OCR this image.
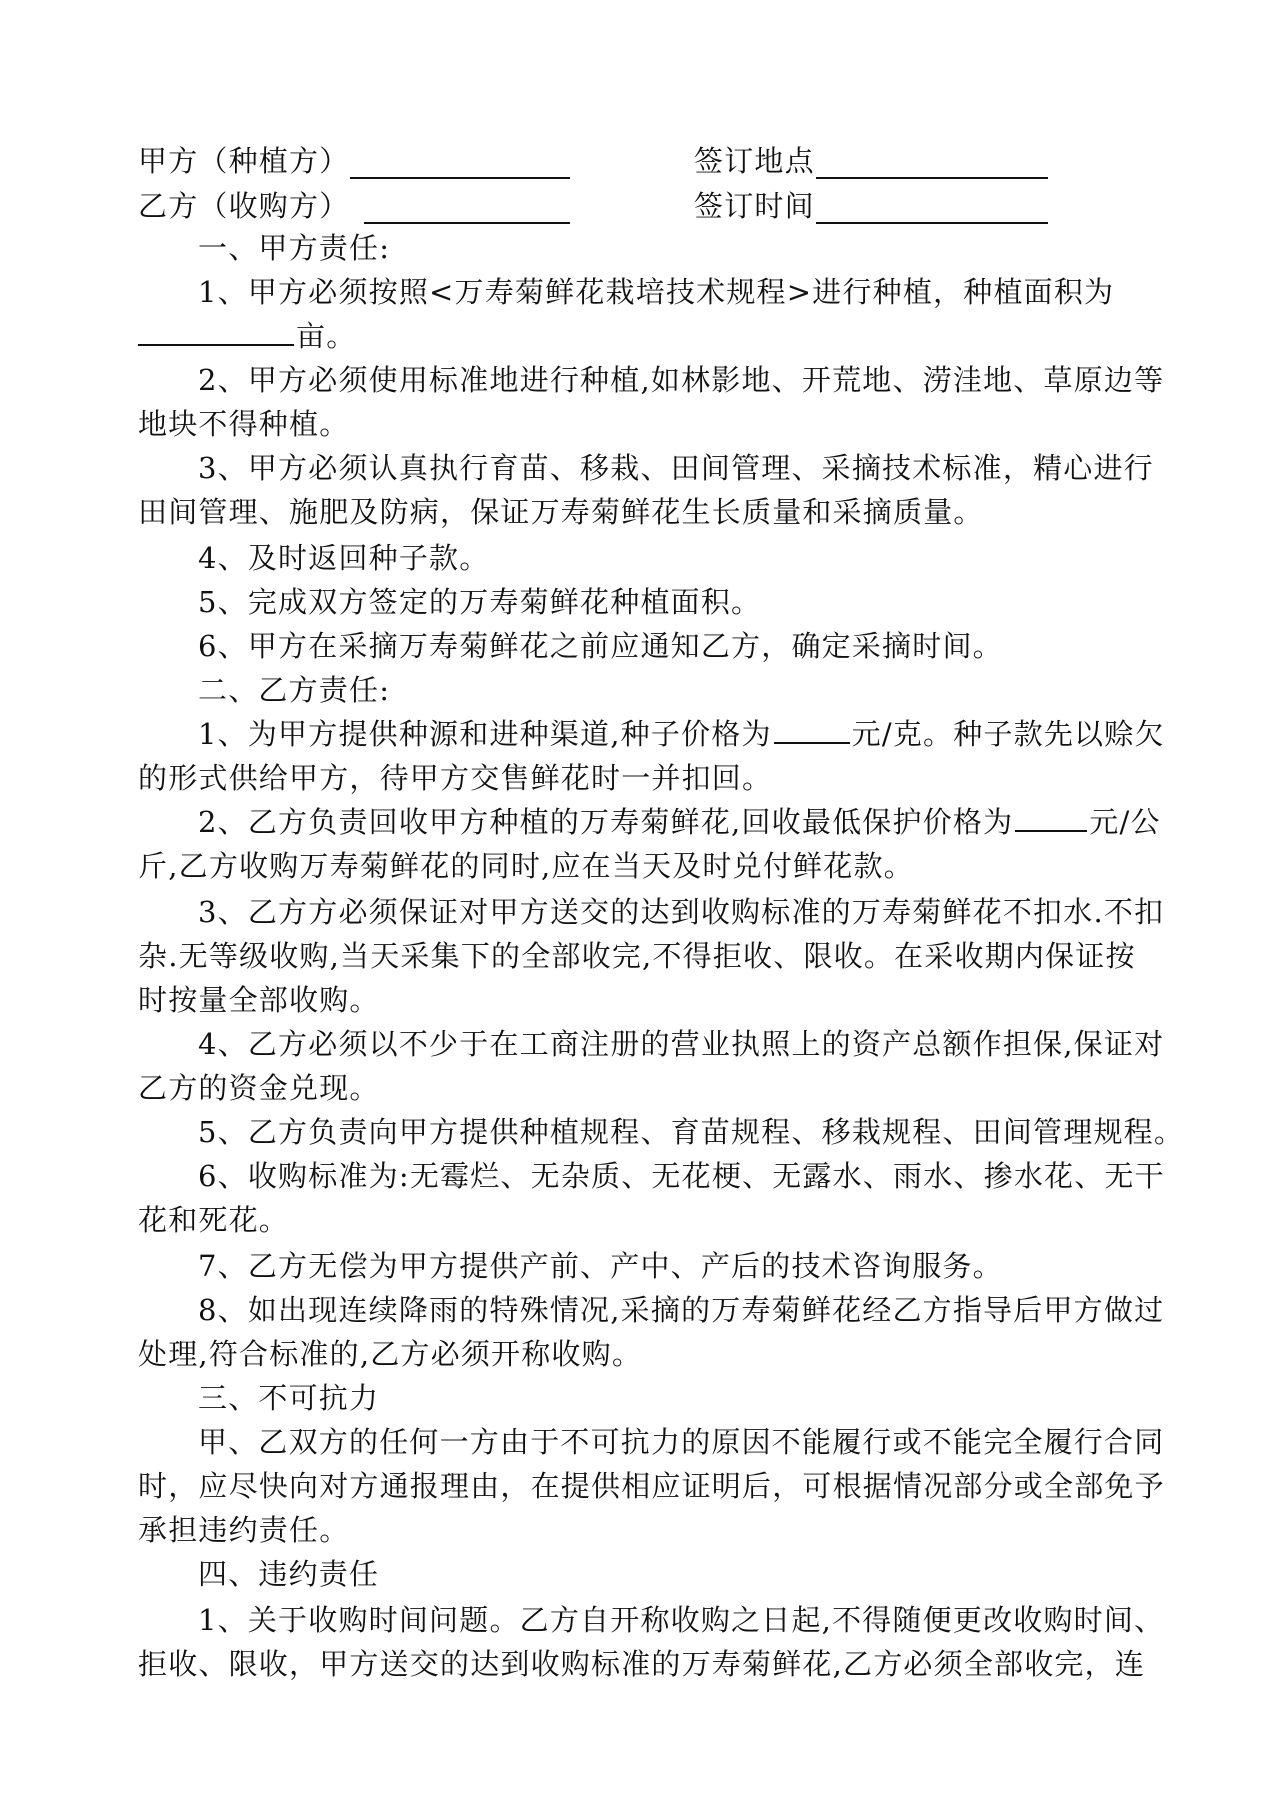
甲方（种植方）	签订地点
乙方（收购方）	签订时间
一、甲方责任:
1、甲方必须按照<万寿菊鲜花栽培技术规程>进行种植，种植面积为
亩。
2、甲方必须使用标准地进行种植,如林影地、开荒地、涝洼地、草原边等
地块不得种植。
3、甲方必须认真执行育苗、移栽、田间管理、采摘技术标准，精心进行
田间管理、施肥及防病，保证万寿菊鲜花生长质量和采摘质量。
4、及时返回种子款。
5、完成双方签定的万寿菊鲜花种植面积。
6、甲方在采摘万寿菊鲜花之前应通知乙方，确定采摘时间。
二、乙方责任:
1、为甲方提供种源和进种渠道,种子价格为	元/克。种子款先以赊欠
的形式供给甲方，待甲方交售鲜花时一并扣回。
2、乙方负责回收甲方种植的万寿菊鲜花,回收最低保护价格为	元/公
斤,乙方收购万寿菊鲜花的同时,应在当天及时兑付鲜花款。
3、乙方方必须保证对甲方送交的达到收购标准的万寿菊鲜花不扣水.不扣
杂.无等级收购,当天采集下的全部收完,不得拒收、限收。在采收期内保证按
时按量全部收购。
4、乙方必须以不少于在工商注册的营业执照上的资产总额作担保,保证对
乙方的资金兑现。
5、乙方负责向甲方提供种植规程、育苗规程、移栽规程、田间管理规程。
6、收购标准为:无霉烂、无杂质、无花梗、无露水、雨水、掺水花、无干
花和死花。
7、乙方无偿为甲方提供产前、产中、产后的技术咨询服务。
8、如出现连续降雨的特殊情况,采摘的万寿菊鲜花经乙方指导后甲方做过
处理,符合标准的,乙方必须开称收购。
三、不可抗力
甲、乙双方的任何一方由于不可抗力的原因不能履行或不能完全履行合同
时，应尽快向对方通报理由，在提供相应证明后，可根据情况部分或全部免予
承担违约责任。
四、违约责任
1、关于收购时间问题。乙方自开称收购之日起,不得随便更改收购时间、
拒收、限收，甲方送交的达到收购标准的万寿菊鲜花,乙方必须全部收完，连
